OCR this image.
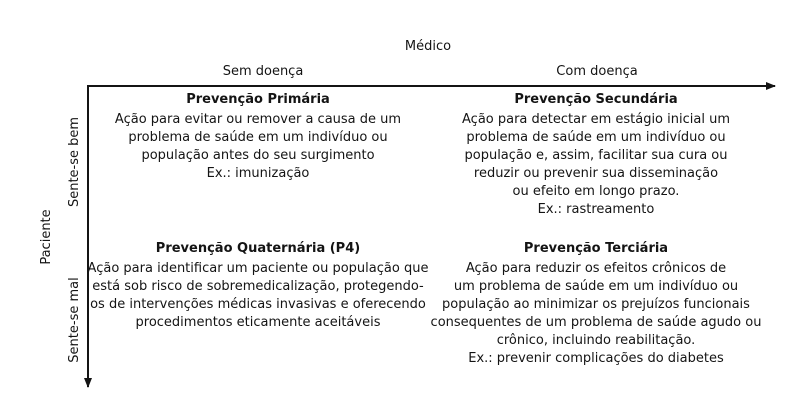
Médico
Sem doença	Com doença
Paciente
Sente-se bem
Sente-se mal
Prevenção Primária
Ação para evitar ou remover a causa de um
problema de saúde em um indivíduo ou
população antes do seu surgimento
Ex.: imunização
Prevenção Secundária
Ação para detectar em estágio inicial um
problema de saúde em um indivíduo ou
população e, assim, facilitar sua cura ou
reduzir ou prevenir sua disseminação
ou efeito em longo prazo.
Ex.: rastreamento
Prevenção Quaternária (P4)
Ação para identificar um paciente ou população que
está sob risco de sobremedicalização, protegendo-
os de intervenções médicas invasivas e oferecendo
procedimentos eticamente aceitáveis
Prevenção Terciária
Ação para reduzir os efeitos crônicos de
um problema de saúde em um indivíduo ou
população ao minimizar os prejuízos funcionais
consequentes de um problema de saúde agudo ou
crônico, incluindo reabilitação.
Ex.: prevenir complicações do diabetes
